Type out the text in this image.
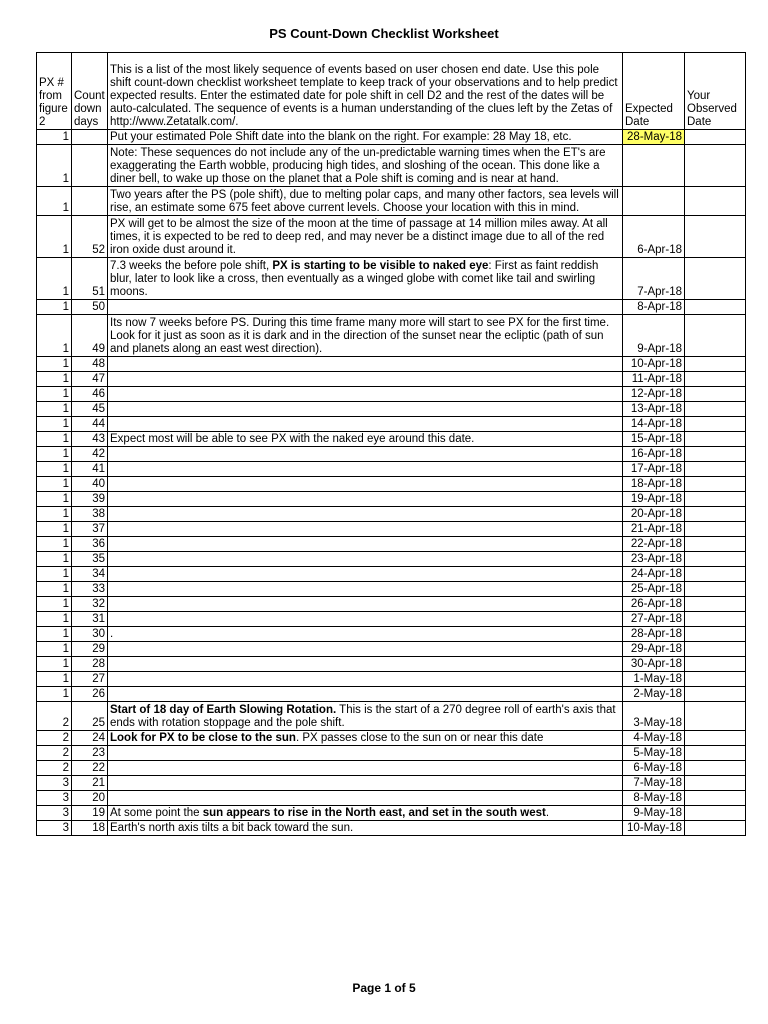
PS Count-Down Checklist Worksheet
PX # from figure 2	Count down days	This is a list of the most likely sequence of events based on user chosen end date. Use this pole shift count-down checklist worksheet template to keep track of your observations and to help predict expected results. Enter the estimated date for pole shift in cell D2 and the rest of the dates will be auto-calculated. The sequence of events is a human understanding of the clues left by the Zetas of http://www.Zetatalk.com/.	Expected Date	Your Observed Date
1		Put your estimated Pole Shift date into the blank on the right. For example: 28 May 18, etc.	28-May-18	
1		Note: These sequences do not include any of the un-predictable warning times when the ET's are exaggerating the Earth wobble, producing high tides, and sloshing of the ocean. This done like a diner bell, to wake up those on the planet that a Pole shift is coming and is near at hand.		
1		Two years after the PS (pole shift), due to melting polar caps, and many other factors, sea levels will rise, an estimate some 675 feet above current levels. Choose your location with this in mind.		
1	52	PX will get to be almost the size of the moon at the time of passage at 14 million miles away. At all times, it is expected to be red to deep red, and may never be a distinct image due to all of the red iron oxide dust around it.	6-Apr-18	
1	51	7.3 weeks the before pole shift, PX is starting to be visible to naked eye: First as faint reddish blur, later to look like a cross, then eventually as a winged globe with comet like tail and swirling moons.	7-Apr-18	
1	50		8-Apr-18	
1	49	Its now 7 weeks before PS. During this time frame many more will start to see PX for the first time. Look for it just as soon as it is dark and in the direction of the sunset near the ecliptic (path of sun and planets along an east west direction).	9-Apr-18	
1	48		10-Apr-18	
1	47		11-Apr-18	
1	46		12-Apr-18	
1	45		13-Apr-18	
1	44		14-Apr-18	
1	43	Expect most will be able to see PX with the naked eye around this date.	15-Apr-18	
1	42		16-Apr-18	
1	41		17-Apr-18	
1	40		18-Apr-18	
1	39		19-Apr-18	
1	38		20-Apr-18	
1	37		21-Apr-18	
1	36		22-Apr-18	
1	35		23-Apr-18	
1	34		24-Apr-18	
1	33		25-Apr-18	
1	32		26-Apr-18	
1	31		27-Apr-18	
1	30	.	28-Apr-18	
1	29		29-Apr-18	
1	28		30-Apr-18	
1	27		1-May-18	
1	26		2-May-18	
2	25	Start of 18 day of Earth Slowing Rotation. This is the start of a 270 degree roll of earth's axis that ends with rotation stoppage and the pole shift.	3-May-18	
2	24	Look for PX to be close to the sun. PX passes close to the sun on or near this date	4-May-18	
2	23		5-May-18	
2	22		6-May-18	
3	21		7-May-18	
3	20		8-May-18	
3	19	At some point the sun appears to rise in the North east, and set in the south west.	9-May-18	
3	18	Earth's north axis tilts a bit back toward the sun.	10-May-18	
Page 1 of 5
